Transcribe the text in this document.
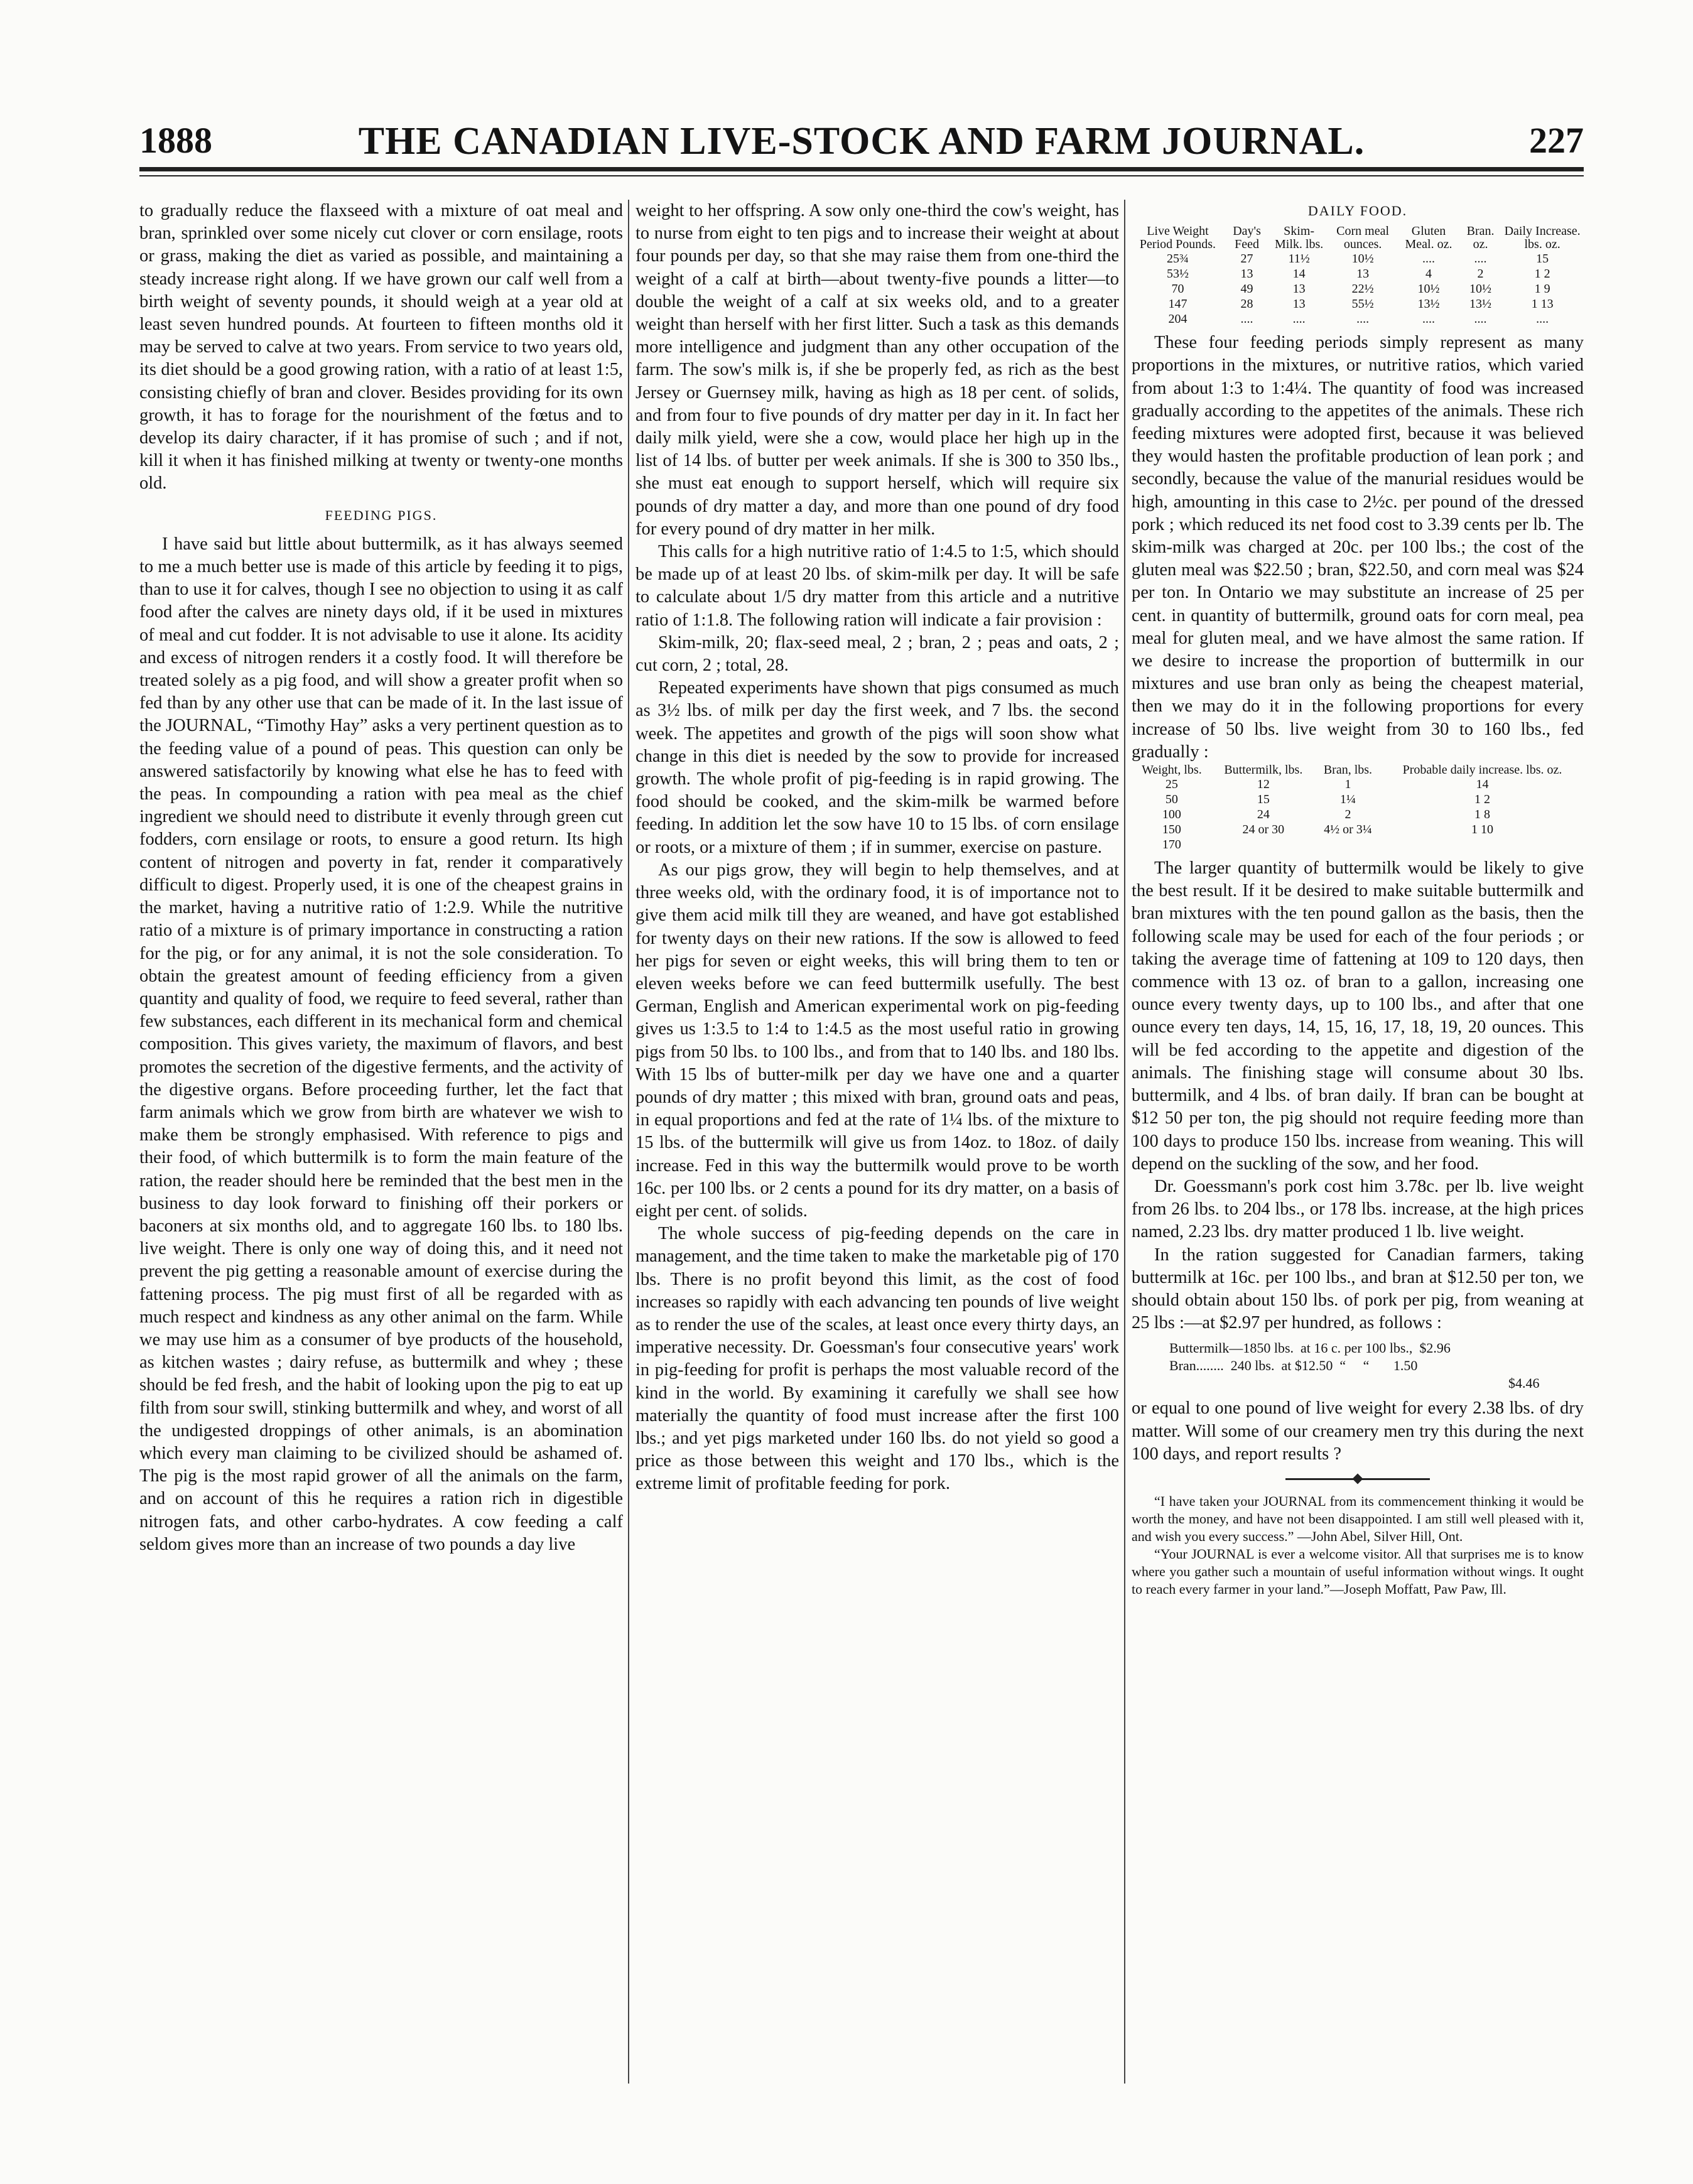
1888	THE CANADIAN LIVE-STOCK AND FARM JOURNAL.	227

to gradually reduce the flaxseed with a mixture of oat meal and bran, sprinkled over some nicely cut clover or corn ensilage, roots or grass, making the diet as varied as possible, and maintaining a steady increase right along. If we have grown our calf well from a birth weight of seventy pounds, it should weigh at a year old at least seven hundred pounds. At fourteen to fifteen months old it may be served to calve at two years. From service to two years old, its diet should be a good growing ration, with a ratio of at least 1:5, consisting chiefly of bran and clover. Besides providing for its own growth, it has to forage for the nourishment of the fœtus and to develop its dairy character, if it has promise of such ; and if not, kill it when it has finished milking at twenty or twenty-one months old.

FEEDING PIGS.

I have said but little about buttermilk, as it has always seemed to me a much better use is made of this article by feeding it to pigs, than to use it for calves, though I see no objection to using it as calf food after the calves are ninety days old, if it be used in mixtures of meal and cut fodder. It is not advisable to use it alone. Its acidity and excess of nitrogen renders it a costly food. It will therefore be treated solely as a pig food, and will show a greater profit when so fed than by any other use that can be made of it. In the last issue of the JOURNAL, “Timothy Hay” asks a very pertinent question as to the feeding value of a pound of peas. This question can only be answered satisfactorily by knowing what else he has to feed with the peas. In compounding a ration with pea meal as the chief ingredient we should need to distribute it evenly through green cut fodders, corn ensilage or roots, to ensure a good return. Its high content of nitrogen and poverty in fat, render it comparatively difficult to digest. Properly used, it is one of the cheapest grains in the market, having a nutritive ratio of 1:2.9. While the nutritive ratio of a mixture is of primary importance in constructing a ration for the pig, or for any animal, it is not the sole consideration. To obtain the greatest amount of feeding efficiency from a given quantity and quality of food, we require to feed several, rather than few substances, each different in its mechanical form and chemical composition. This gives variety, the maximum of flavors, and best promotes the secretion of the digestive ferments, and the activity of the digestive organs. Before proceeding further, let the fact that farm animals which we grow from birth are whatever we wish to make them be strongly emphasised. With reference to pigs and their food, of which buttermilk is to form the main feature of the ration, the reader should here be reminded that the best men in the business to day look forward to finishing off their porkers or baconers at six months old, and to aggregate 160 lbs. to 180 lbs. live weight. There is only one way of doing this, and it need not prevent the pig getting a reasonable amount of exercise during the fattening process. The pig must first of all be regarded with as much respect and kindness as any other animal on the farm. While we may use him as a consumer of bye products of the household, as kitchen wastes ; dairy refuse, as buttermilk and whey ; these should be fed fresh, and the habit of looking upon the pig to eat up filth from sour swill, stinking buttermilk and whey, and worst of all the undigested droppings of other animals, is an abomination which every man claiming to be civilized should be ashamed of. The pig is the most rapid grower of all the animals on the farm, and on account of this he requires a ration rich in digestible nitrogen fats, and other carbo-hydrates. A cow feeding a calf seldom gives more than an increase of two pounds a day live

weight to her offspring. A sow only one-third the cow's weight, has to nurse from eight to ten pigs and to increase their weight at about four pounds per day, so that she may raise them from one-third the weight of a calf at birth—about twenty-five pounds a litter—to double the weight of a calf at six weeks old, and to a greater weight than herself with her first litter. Such a task as this demands more intelligence and judgment than any other occupation of the farm. The sow's milk is, if she be properly fed, as rich as the best Jersey or Guernsey milk, having as high as 18 per cent. of solids, and from four to five pounds of dry matter per day in it. In fact her daily milk yield, were she a cow, would place her high up in the list of 14 lbs. of butter per week animals. If she is 300 to 350 lbs., she must eat enough to support herself, which will require six pounds of dry matter a day, and more than one pound of dry food for every pound of dry matter in her milk.

This calls for a high nutritive ratio of 1:4.5 to 1:5, which should be made up of at least 20 lbs. of skim-milk per day. It will be safe to calculate about 1/5 dry matter from this article and a nutritive ratio of 1:1.8. The following ration will indicate a fair provision :

Skim-milk, 20; flax-seed meal, 2 ; bran, 2 ; peas and oats, 2 ; cut corn, 2 ; total, 28.

Repeated experiments have shown that pigs consumed as much as 3½ lbs. of milk per day the first week, and 7 lbs. the second week. The appetites and growth of the pigs will soon show what change in this diet is needed by the sow to provide for increased growth. The whole profit of pig-feeding is in rapid growing. The food should be cooked, and the skim-milk be warmed before feeding. In addition let the sow have 10 to 15 lbs. of corn ensilage or roots, or a mixture of them ; if in summer, exercise on pasture.

As our pigs grow, they will begin to help themselves, and at three weeks old, with the ordinary food, it is of importance not to give them acid milk till they are weaned, and have got established for twenty days on their new rations. If the sow is allowed to feed her pigs for seven or eight weeks, this will bring them to ten or eleven weeks before we can feed buttermilk usefully. The best German, English and American experimental work on pig-feeding gives us 1:3.5 to 1:4 to 1:4.5 as the most useful ratio in growing pigs from 50 lbs. to 100 lbs., and from that to 140 lbs. and 180 lbs. With 15 lbs of butter-milk per day we have one and a quarter pounds of dry matter ; this mixed with bran, ground oats and peas, in equal proportions and fed at the rate of 1¼ lbs. of the mixture to 15 lbs. of the buttermilk will give us from 14oz. to 18oz. of daily increase. Fed in this way the buttermilk would prove to be worth 16c. per 100 lbs. or 2 cents a pound for its dry matter, on a basis of eight per cent. of solids.

The whole success of pig-feeding depends on the care in management, and the time taken to make the marketable pig of 170 lbs. There is no profit beyond this limit, as the cost of food increases so rapidly with each advancing ten pounds of live weight as to render the use of the scales, at least once every thirty days, an imperative necessity. Dr. Goessman's four consecutive years' work in pig-feeding for profit is perhaps the most valuable record of the kind in the world. By examining it carefully we shall see how materially the quantity of food must increase after the first 100 lbs.; and yet pigs marketed under 160 lbs. do not yield so good a price as those between this weight and 170 lbs., which is the extreme limit of profitable feeding for pork.

DAILY FOOD.
Live Weight Period Pounds.	Day's Feed	Skim-Milk. lbs.	Corn meal ounces.	Gluten Meal. oz.	Bran. oz.	Daily Increase. lbs. oz.
25¾	27	11½	10½	....	....	15
53½	13	14	13	4	2	1 2
70	49	13	22½	10½	10½	1 9
147	28	13	55½	13½	13½	1 13
204	....	....	....	....	....	....

These four feeding periods simply represent as many proportions in the mixtures, or nutritive ratios, which varied from about 1:3 to 1:4¼. The quantity of food was increased gradually according to the appetites of the animals. These rich feeding mixtures were adopted first, because it was believed they would hasten the profitable production of lean pork ; and secondly, because the value of the manurial residues would be high, amounting in this case to 2½c. per pound of the dressed pork ; which reduced its net food cost to 3.39 cents per lb. The skim-milk was charged at 20c. per 100 lbs.; the cost of the gluten meal was $22.50 ; bran, $22.50, and corn meal was $24 per ton. In Ontario we may substitute an increase of 25 per cent. in quantity of buttermilk, ground oats for corn meal, pea meal for gluten meal, and we have almost the same ration. If we desire to increase the proportion of buttermilk in our mixtures and use bran only as being the cheapest material, then we may do it in the following proportions for every increase of 50 lbs. live weight from 30 to 160 lbs., fed gradually :

Weight, lbs.	Buttermilk, lbs.	Bran, lbs.	Probable daily increase. lbs. oz.
25	12	1	14
50	15	1¼	1 2
100	24	2	1 8
150	24 or 30	4½ or 3¼	1 10
170			

The larger quantity of buttermilk would be likely to give the best result. If it be desired to make suitable buttermilk and bran mixtures with the ten pound gallon as the basis, then the following scale may be used for each of the four periods ; or taking the average time of fattening at 109 to 120 days, then commence with 13 oz. of bran to a gallon, increasing one ounce every twenty days, up to 100 lbs., and after that one ounce every ten days, 14, 15, 16, 17, 18, 19, 20 ounces. This will be fed according to the appetite and digestion of the animals. The finishing stage will consume about 30 lbs. buttermilk, and 4 lbs. of bran daily. If bran can be bought at $12 50 per ton, the pig should not require feeding more than 100 days to produce 150 lbs. increase from weaning. This will depend on the suckling of the sow, and her food.

Dr. Goessmann's pork cost him 3.78c. per lb. live weight from 26 lbs. to 204 lbs., or 178 lbs. increase, at the high prices named, 2.23 lbs. dry matter produced 1 lb. live weight.

In the ration suggested for Canadian farmers, taking buttermilk at 16c. per 100 lbs., and bran at $12.50 per ton, we should obtain about 150 lbs. of pork per pig, from weaning at 25 lbs :—at $2.97 per hundred, as follows :

Buttermilk—1850 lbs.  at 16 c. per 100 lbs.,  $2.96
Bran........  240 lbs.  at $12.50  “     “       1.50
$4.46

or equal to one pound of live weight for every 2.38 lbs. of dry matter. Will some of our creamery men try this during the next 100 days, and report results ?

“I have taken your JOURNAL from its commencement thinking it would be worth the money, and have not been disappointed. I am still well pleased with it, and wish you every success.” —John Abel, Silver Hill, Ont.

“Your JOURNAL is ever a welcome visitor. All that surprises me is to know where you gather such a mountain of useful information without wings. It ought to reach every farmer in your land.”—Joseph Moffatt, Paw Paw, Ill.
